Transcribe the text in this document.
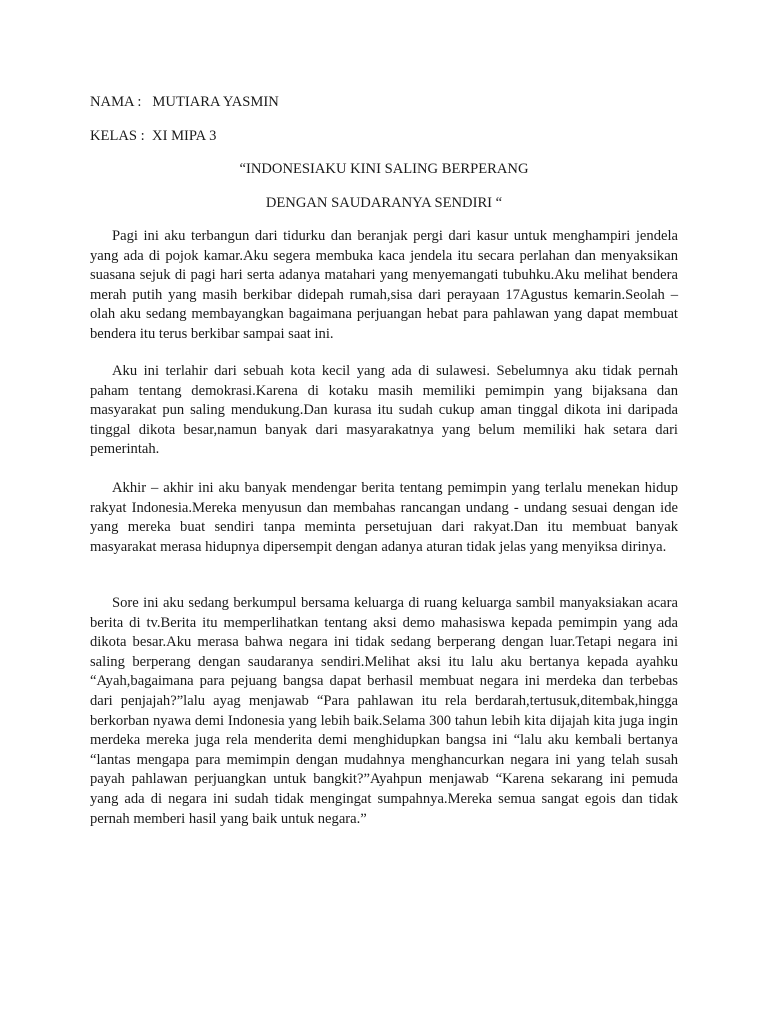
NAMA :   MUTIARA YASMIN
KELAS :  XI MIPA 3
“INDONESIAKU KINI SALING BERPERANG
DENGAN SAUDARANYA SENDIRI “

Pagi ini aku terbangun dari tidurku dan beranjak pergi dari kasur untuk menghampiri jendela yang ada di pojok kamar.Aku segera membuka kaca jendela itu secara perlahan dan menyaksikan suasana sejuk di pagi hari serta adanya matahari yang menyemangati tubuhku.Aku melihat bendera merah putih yang masih berkibar didepah rumah,sisa dari perayaan 17Agustus kemarin.Seolah – olah aku sedang membayangkan bagaimana perjuangan hebat para pahlawan yang dapat membuat bendera itu terus berkibar sampai saat ini.

Aku ini terlahir dari sebuah kota kecil yang ada di sulawesi. Sebelumnya aku tidak pernah paham tentang demokrasi.Karena di kotaku masih memiliki pemimpin yang bijaksana dan masyarakat pun saling mendukung.Dan kurasa itu sudah cukup aman tinggal dikota ini daripada tinggal dikota besar,namun banyak dari masyarakatnya yang belum memiliki hak setara dari pemerintah.

Akhir – akhir ini aku banyak mendengar berita tentang pemimpin yang terlalu menekan hidup rakyat Indonesia.Mereka menyusun dan membahas rancangan undang - undang sesuai dengan ide yang mereka buat sendiri tanpa meminta persetujuan dari rakyat.Dan itu membuat banyak masyarakat merasa hidupnya dipersempit dengan adanya aturan tidak jelas yang menyiksa dirinya.

Sore ini aku sedang berkumpul bersama keluarga di ruang keluarga sambil manyaksiakan acara berita di tv.Berita itu memperlihatkan tentang aksi demo mahasiswa kepada pemimpin yang ada dikota besar.Aku merasa bahwa negara ini tidak sedang berperang dengan luar.Tetapi negara ini saling berperang dengan saudaranya sendiri.Melihat aksi itu lalu aku bertanya kepada ayahku “Ayah,bagaimana para pejuang bangsa dapat berhasil membuat negara ini merdeka dan terbebas dari penjajah?”lalu ayag menjawab “Para pahlawan itu rela berdarah,tertusuk,ditembak,hingga berkorban nyawa demi Indonesia yang lebih baik.Selama 300 tahun lebih kita dijajah kita juga ingin merdeka mereka juga rela menderita demi menghidupkan bangsa ini “lalu aku kembali bertanya “lantas mengapa para memimpin dengan mudahnya menghancurkan negara ini yang telah susah payah pahlawan perjuangkan untuk bangkit?”Ayahpun menjawab “Karena sekarang ini pemuda yang ada di negara ini sudah tidak mengingat sumpahnya.Mereka semua sangat egois dan tidak pernah memberi hasil yang baik untuk negara.”
